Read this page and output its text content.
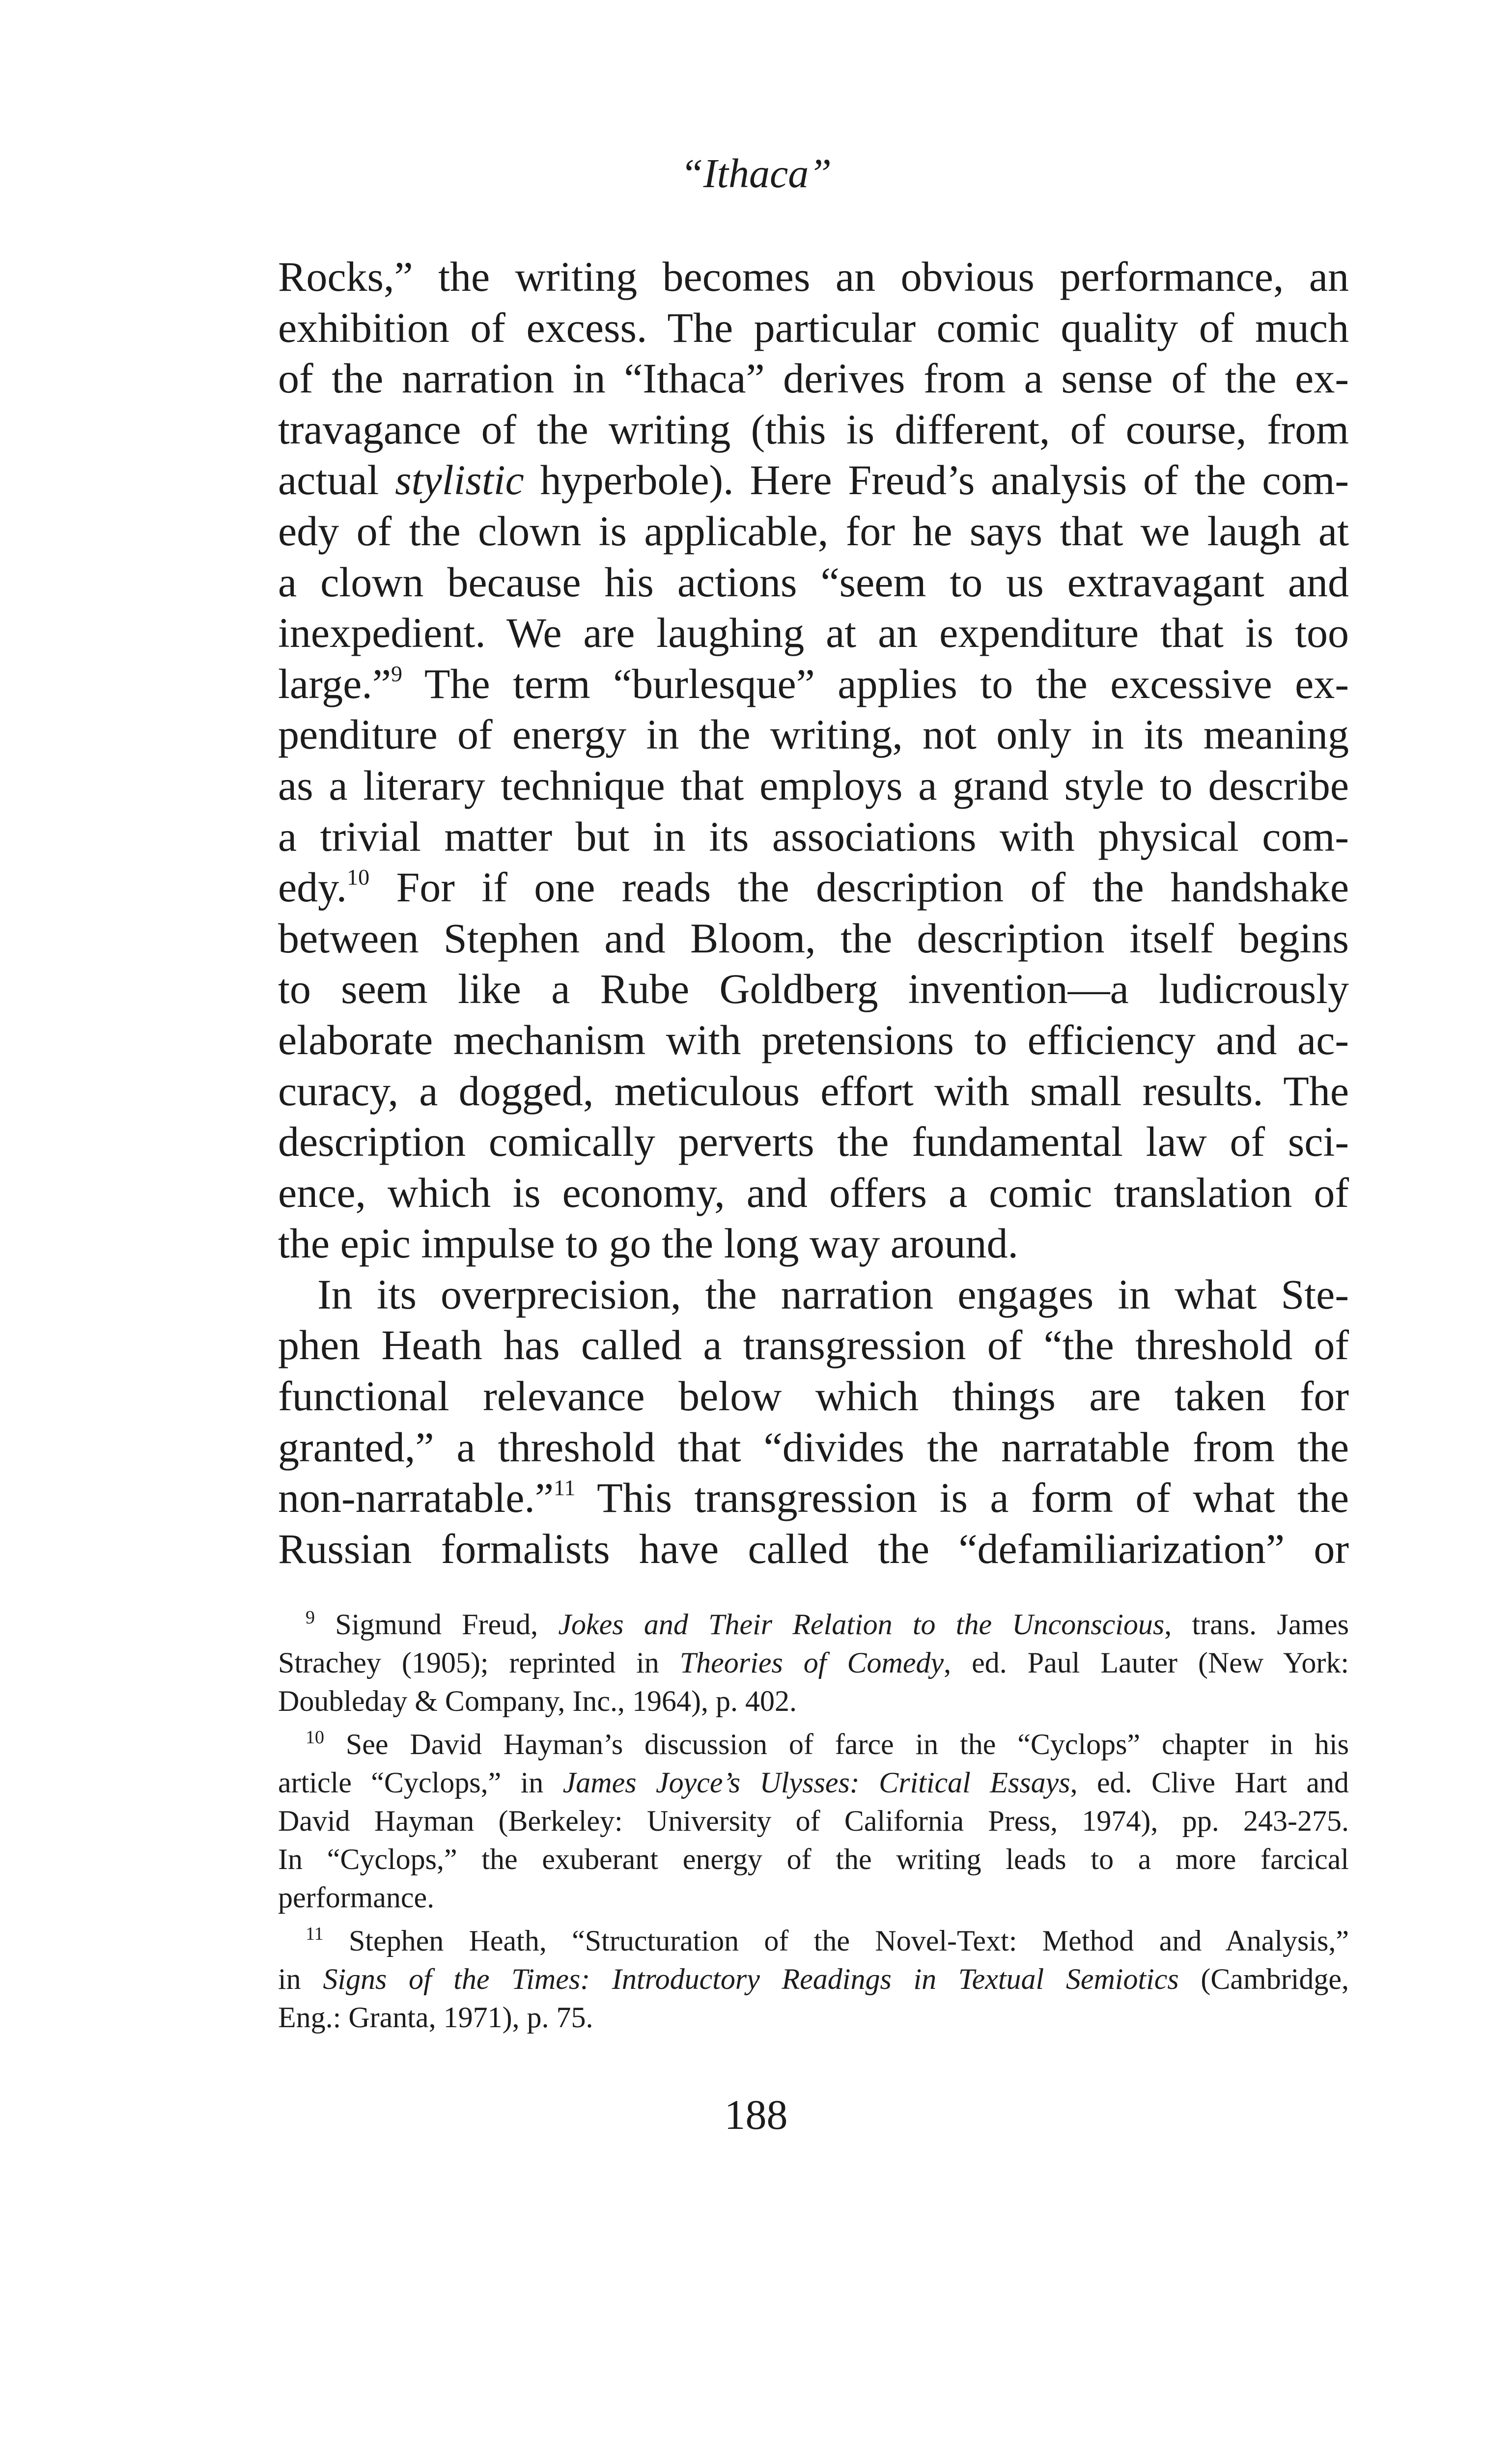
“Ithaca”
Rocks,” the writing becomes an obvious performance, an
exhibition of excess. The particular comic quality of much
of the narration in “Ithaca” derives from a sense of the ex-
travagance of the writing (this is different, of course, from
actual stylistic hyperbole). Here Freud’s analysis of the com-
edy of the clown is applicable, for he says that we laugh at
a clown because his actions “seem to us extravagant and
inexpedient. We are laughing at an expenditure that is too
large.”$^9$ The term “burlesque” applies to the excessive ex-
penditure of energy in the writing, not only in its meaning
as a literary technique that employs a grand style to describe
a trivial matter but in its associations with physical com-
edy.$^{10}$ For if one reads the description of the handshake
between Stephen and Bloom, the description itself begins
to seem like a Rube Goldberg invention—a ludicrously
elaborate mechanism with pretensions to efficiency and ac-
curacy, a dogged, meticulous effort with small results. The
description comically perverts the fundamental law of sci-
ence, which is economy, and offers a comic translation of
the epic impulse to go the long way around.
In its overprecision, the narration engages in what Ste-
phen Heath has called a transgression of “the threshold of
functional relevance below which things are taken for
granted,” a threshold that “divides the narratable from the
non-narratable.”$^{11}$ This transgression is a form of what the
Russian formalists have called the “defamiliarization” or
$^9$ Sigmund Freud, Jokes and Their Relation to the Unconscious, trans. James
Strachey (1905); reprinted in Theories of Comedy, ed. Paul Lauter (New York:
Doubleday & Company, Inc., 1964), p. 402.
$^{10}$ See David Hayman’s discussion of farce in the “Cyclops” chapter in his
article “Cyclops,” in James Joyce’s Ulysses: Critical Essays, ed. Clive Hart and
David Hayman (Berkeley: University of California Press, 1974), pp. 243-275.
In “Cyclops,” the exuberant energy of the writing leads to a more farcical
performance.
$^{11}$ Stephen Heath, “Structuration of the Novel-Text: Method and Analysis,”
in Signs of the Times: Introductory Readings in Textual Semiotics (Cambridge,
Eng.: Granta, 1971), p. 75.
188
